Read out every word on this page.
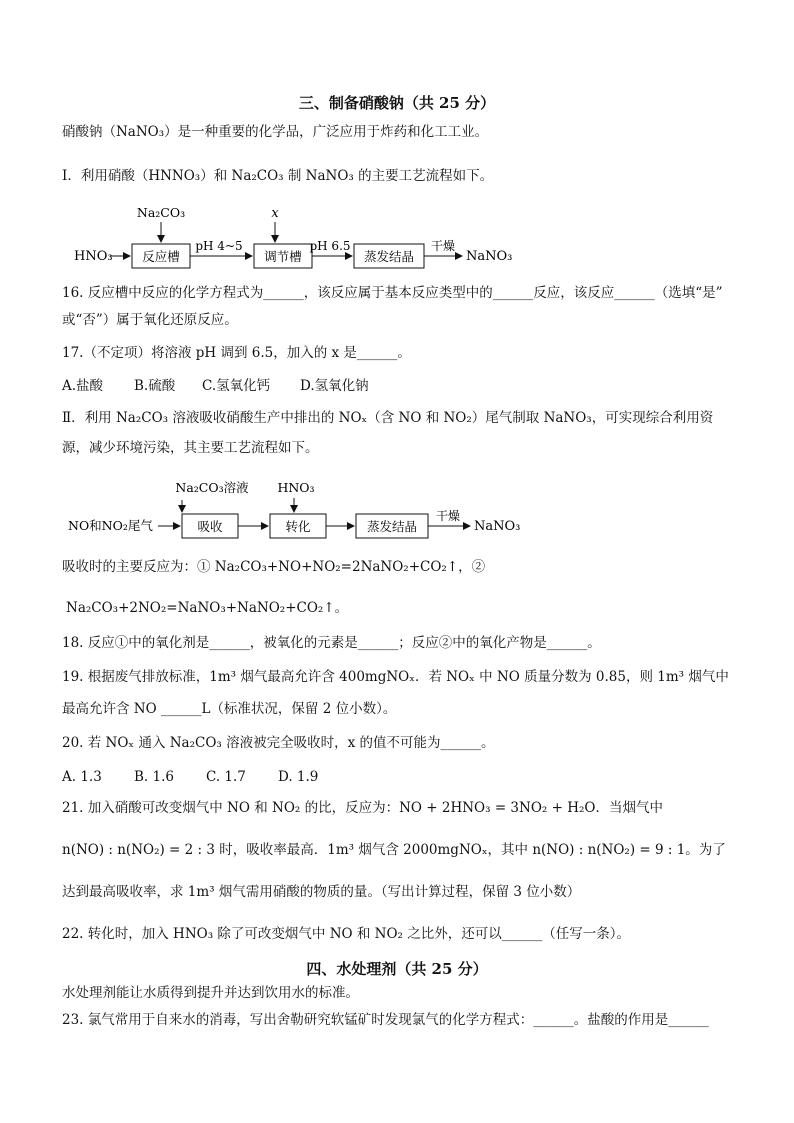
三、制备硝酸钠（共 25 分）
硝酸钠（NaNO₃）是一种重要的化学品，广泛应用于炸药和化工工业。
Ⅰ．利用硝酸（HNNO₃）和 Na₂CO₃ 制 NaNO₃ 的主要工艺流程如下。
HNO₃ 反应槽
Na₂CO₃
pH 4~5
调节槽
x
pH 6.5
蒸发结晶
干燥
NaNO₃
16. 反应槽中反应的化学方程式为______，该反应属于基本反应类型中的______反应，该反应______（选填“是”
或“否”）属于氧化还原反应。
17.（不定项）将溶液 pH 调到 6.5，加入的 x 是______。
A.盐酸 B.硫酸 C.氢氧化钙 D.氢氧化钠
Ⅱ．利用 Na₂CO₃ 溶液吸收硝酸生产中排出的 NOₓ（含 NO 和 NO₂）尾气制取 NaNO₃，可实现综合利用资
源，减少环境污染，其主要工艺流程如下。
NO和NO₂尾气	吸收
Na₂CO₃溶液
转化
HNO₃
蒸发结晶
干燥
NaNO₃
吸收时的主要反应为：① Na₂CO₃+NO+NO₂=2NaNO₂+CO₂↑，②
Na₂CO₃+2NO₂=NaNO₃+NaNO₂+CO₂↑。
18. 反应①中的氧化剂是______，被氧化的元素是______；反应②中的氧化产物是______。
19. 根据废气排放标准，1m³ 烟气最高允许含 400mgNOₓ．若 NOₓ 中 NO 质量分数为 0.85，则 1m³ 烟气中
最高允许含 NO ______L（标准状况，保留 2 位小数）。
20. 若 NOₓ 通入 Na₂CO₃ 溶液被完全吸收时，x 的值不可能为______。
A. 1.3 B. 1.6 C. 1.7 D. 1.9
21. 加入硝酸可改变烟气中 NO 和 NO₂ 的比，反应为：NO + 2HNO₃ = 3NO₂ + H₂O．当烟气中
n(NO) : n(NO₂) = 2 : 3 时，吸收率最高．1m³ 烟气含 2000mgNOₓ，其中 n(NO) : n(NO₂) = 9 : 1。为了
达到最高吸收率，求 1m³ 烟气需用硝酸的物质的量。（写出计算过程，保留 3 位小数）
22. 转化时，加入 HNO₃ 除了可改变烟气中 NO 和 NO₂ 之比外，还可以______（任写一条）。
四、水处理剂（共 25 分）
水处理剂能让水质得到提升并达到饮用水的标准。
23. 氯气常用于自来水的消毒，写出舍勒研究软锰矿时发现氯气的化学方程式：______。盐酸的作用是______
